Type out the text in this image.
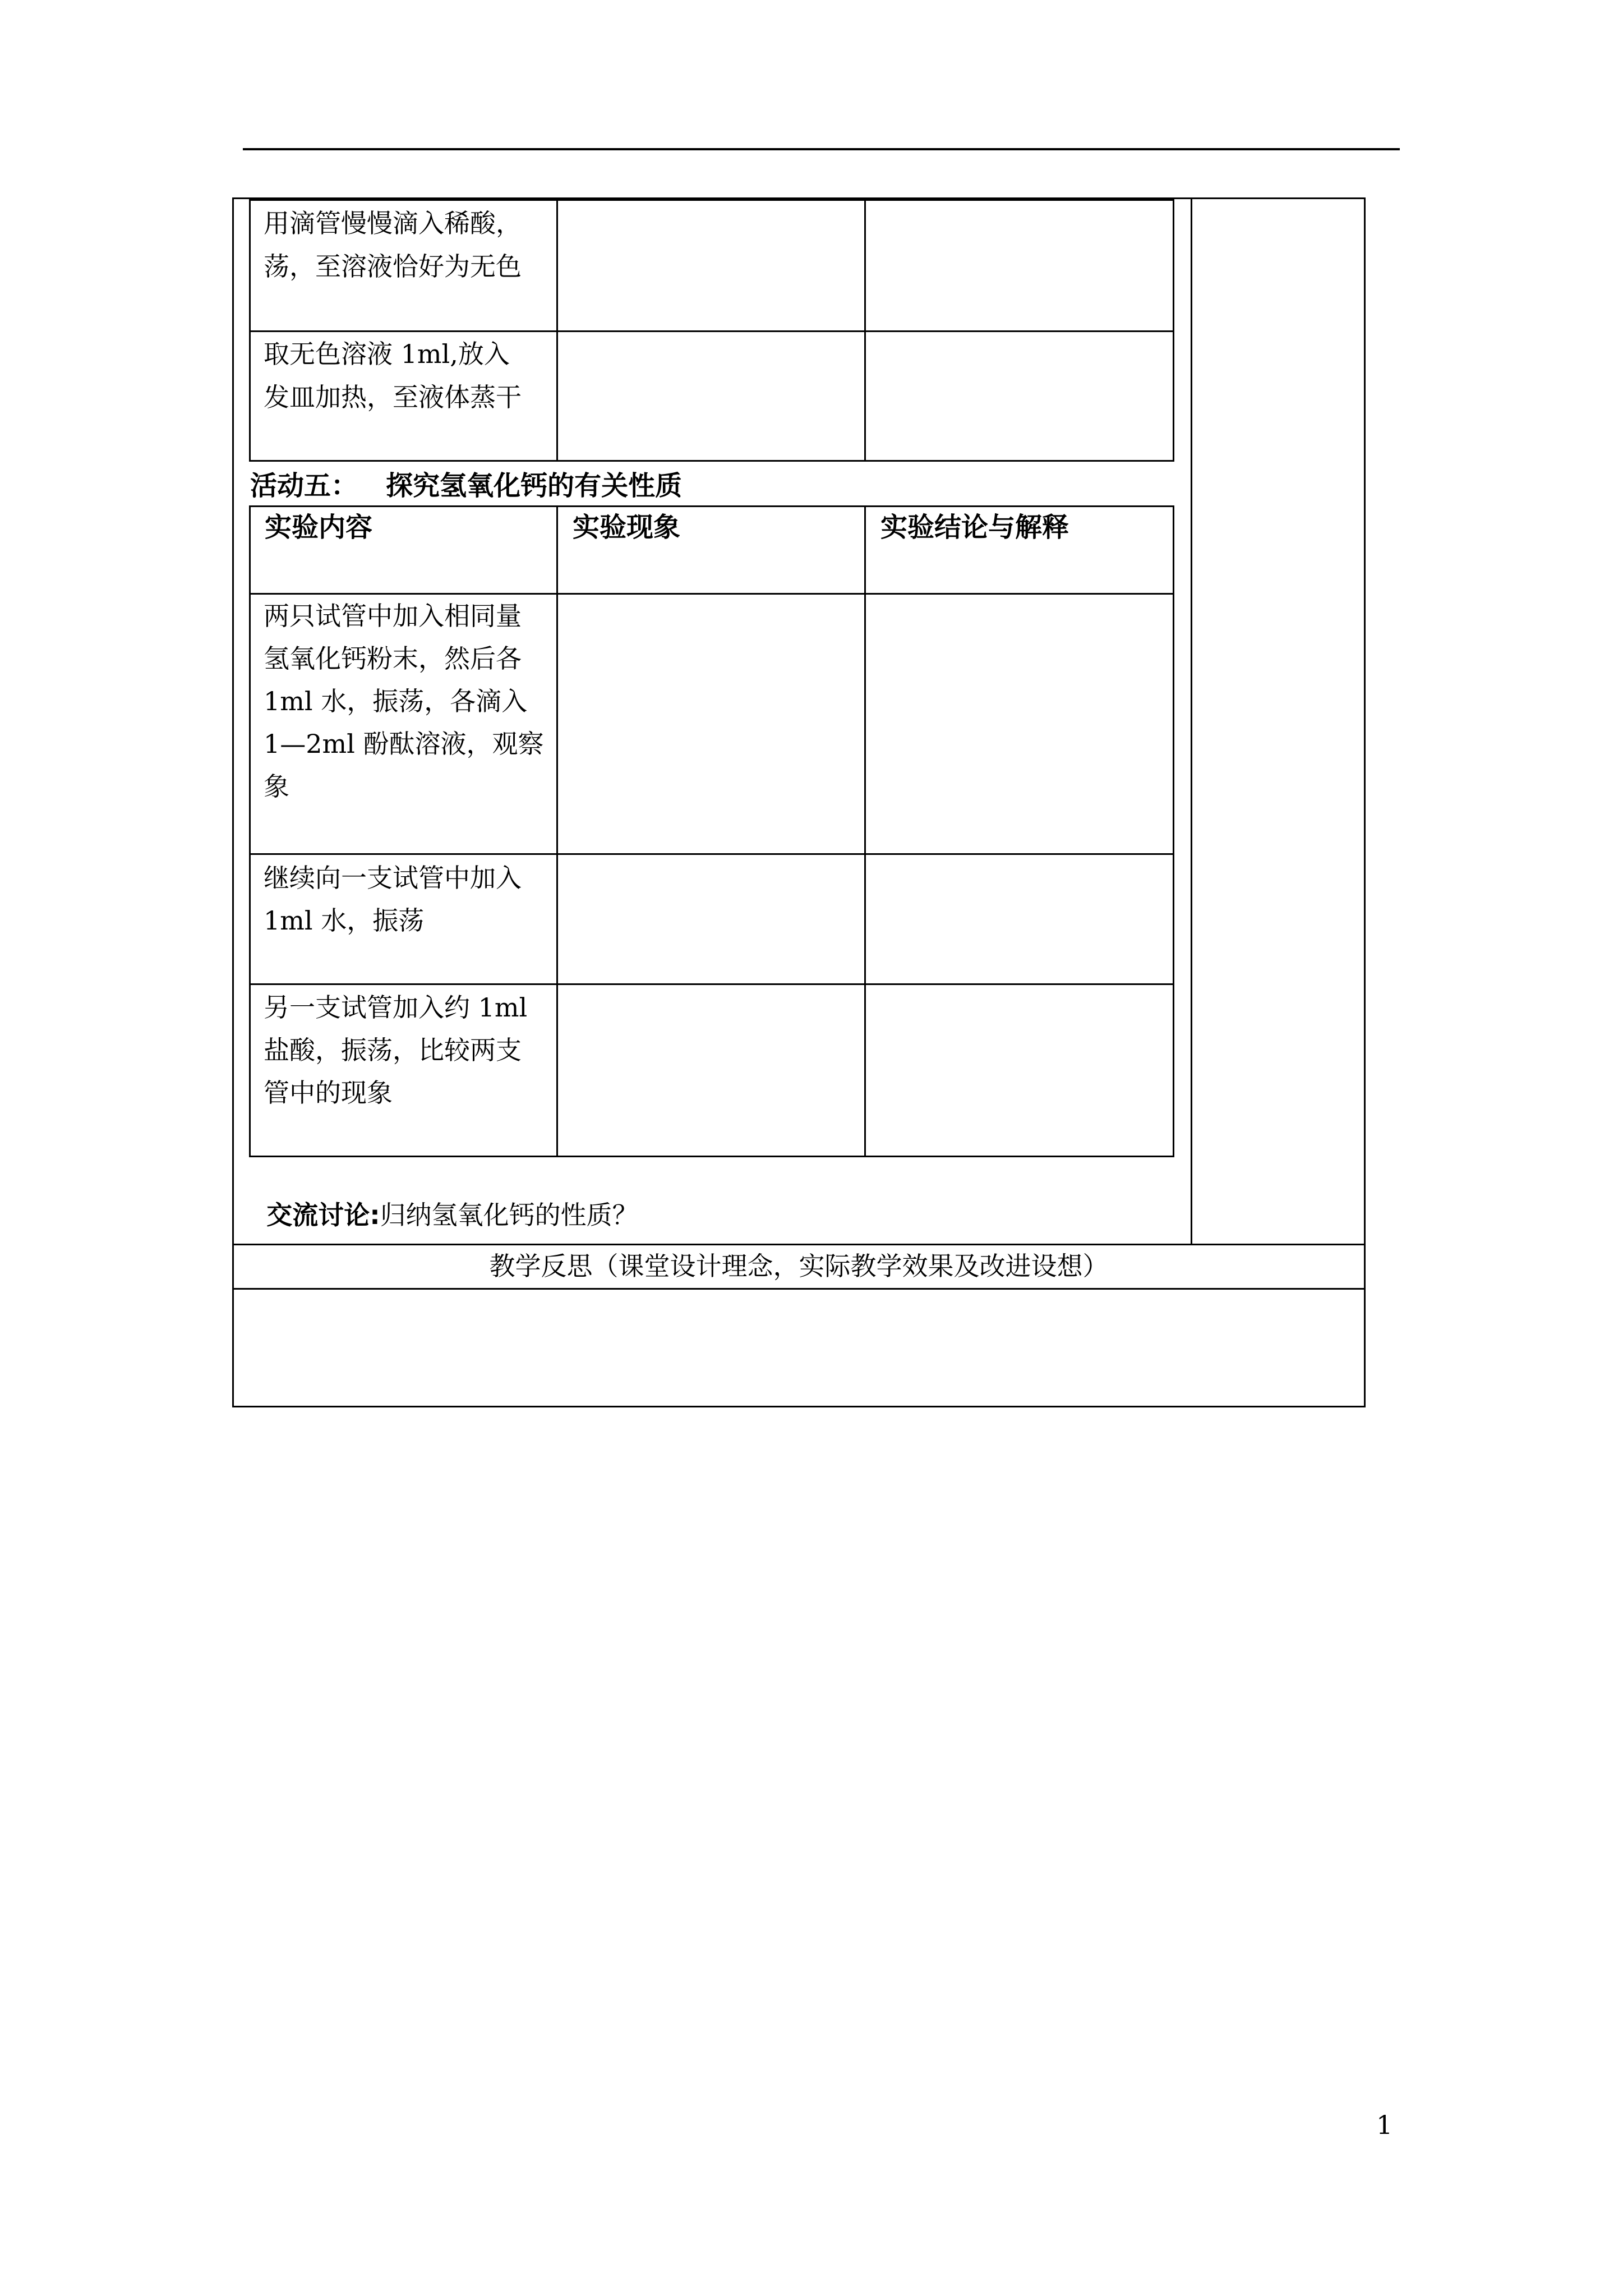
用滴管慢慢滴入稀酸，
荡，至溶液恰好为无色
取无色溶液 1ml,放入
发皿加热，至液体蒸干
活动五：   探究氢氧化钙的有关性质
实验内容	实验现象	实验结论与解释
两只试管中加入相同量
氢氧化钙粉末，然后各
1ml 水，振荡，各滴入
1—2ml 酚酞溶液，观察
象
继续向一支试管中加入
1ml 水，振荡
另一支试管加入约 1ml
盐酸，振荡，比较两支
管中的现象

交流讨论:归纳氢氧化钙的性质？

教学反思（课堂设计理念，实际教学效果及改进设想）
1
